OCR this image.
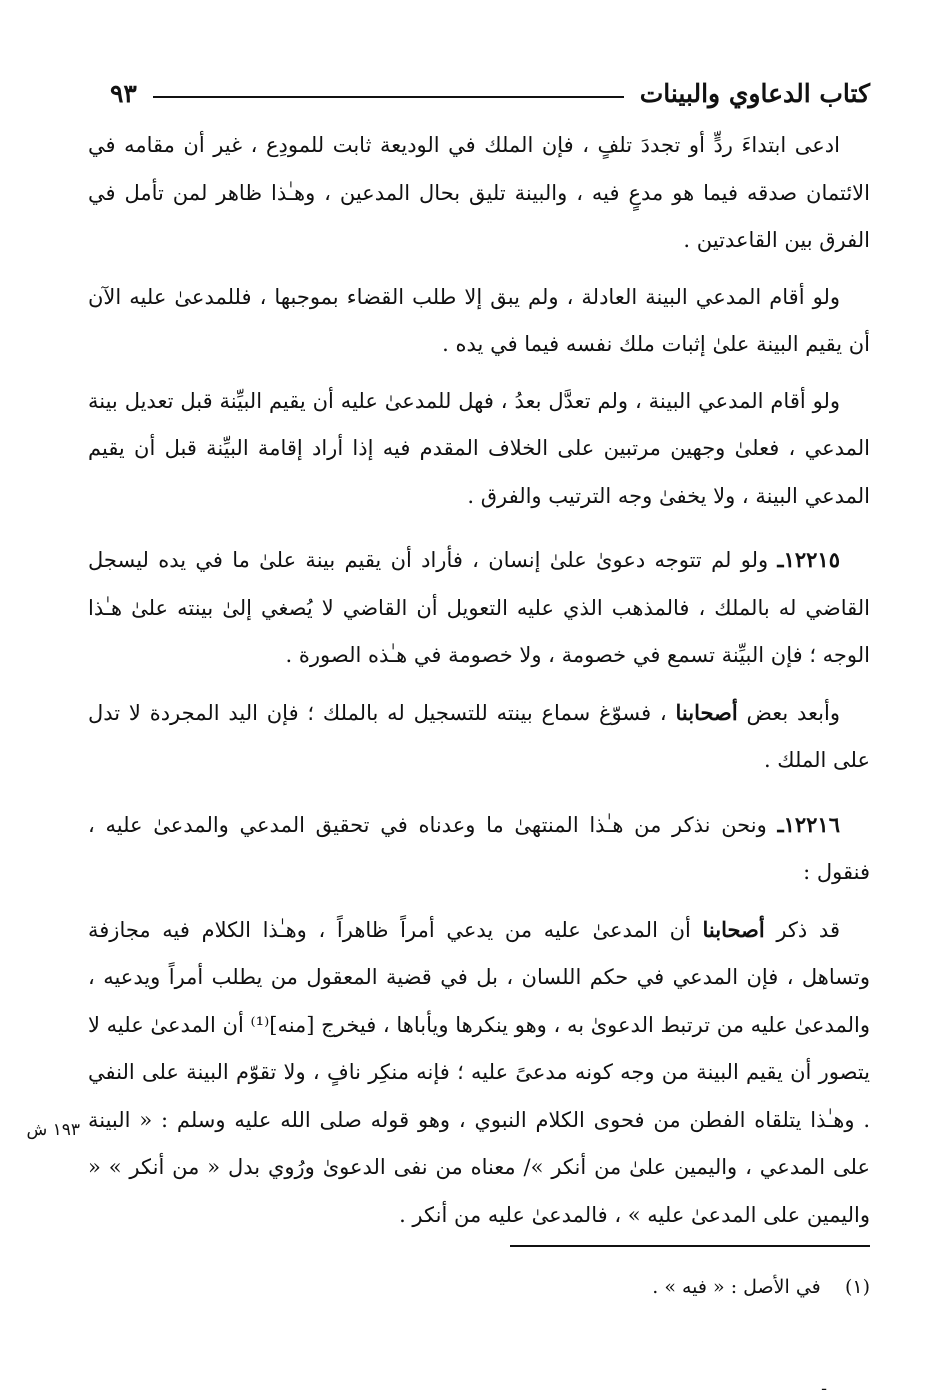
كتاب الدعاوي والبينات
٩٣

ادعى ابتداءَ ردٍّ أو تجددَ تلفٍ ، فإن الملك في الوديعة ثابت للمودِع ، غير أن مقامه في الائتمان صدقه فيما هو مدعٍ فيه ، والبينة تليق بحال المدعين ، وهـٰذا ظاهر لمن تأمل في الفرق بين القاعدتين .

ولو أقام المدعي البينة العادلة ، ولم يبق إلا طلب القضاء بموجبها ، فللمدعىٰ عليه الآن أن يقيم البينة علىٰ إثبات ملك نفسه فيما في يده .

ولو أقام المدعي البينة ، ولم تعدَّل بعدُ ، فهل للمدعىٰ عليه أن يقيم البيِّنة قبل تعديل بينة المدعي ، فعلىٰ وجهين مرتبين على الخلاف المقدم فيه إذا أراد إقامة البيِّنة قبل أن يقيم المدعي البينة ، ولا يخفىٰ وجه الترتيب والفرق .

١٢٢١٥ـ ولو لم تتوجه دعوىٰ علىٰ إنسان ، فأراد أن يقيم بينة علىٰ ما في يده ليسجل القاضي له بالملك ، فالمذهب الذي عليه التعويل أن القاضي لا يُصغي إلىٰ بينته علىٰ هـٰذا الوجه ؛ فإن البيِّنة تسمع في خصومة ، ولا خصومة في هـٰذه الصورة .

وأبعد بعض أصحابنا ، فسوّغ سماع بينته للتسجيل له بالملك ؛ فإن اليد المجردة لا تدل على الملك .

١٢٢١٦ـ ونحن نذكر من هـٰذا المنتهىٰ ما وعدناه في تحقيق المدعي والمدعىٰ عليه ، فنقول :

قد ذكر أصحابنا أن المدعىٰ عليه من يدعي أمراً ظاهراً ، وهـٰذا الكلام فيه مجازفة وتساهل ، فإن المدعي في حكم اللسان ، بل في قضية المعقول من يطلب أمراً ويدعيه ، والمدعىٰ عليه من ترتبط الدعوىٰ به ، وهو ينكرها ويأباها ، فيخرج [منه]⁽¹⁾ أن المدعىٰ عليه لا يتصور أن يقيم البينة من وجه كونه مدعىً عليه ؛ فإنه منكِر نافٍ ، ولا تقوّم البينة على النفي . وهـٰذا يتلقاه الفطن من فحوى الكلام النبوي ، وهو قوله صلى الله عليه وسلم : « البينة على المدعي ، واليمين علىٰ من أنكر »/ معناه من نفى الدعوىٰ ورُوي بدل « من أنكر » « واليمين على المدعىٰ عليه » ، فالمدعىٰ عليه من أنكر .

١٩٣ ش
(١)    في الأصل : « فيه » .
ـ
